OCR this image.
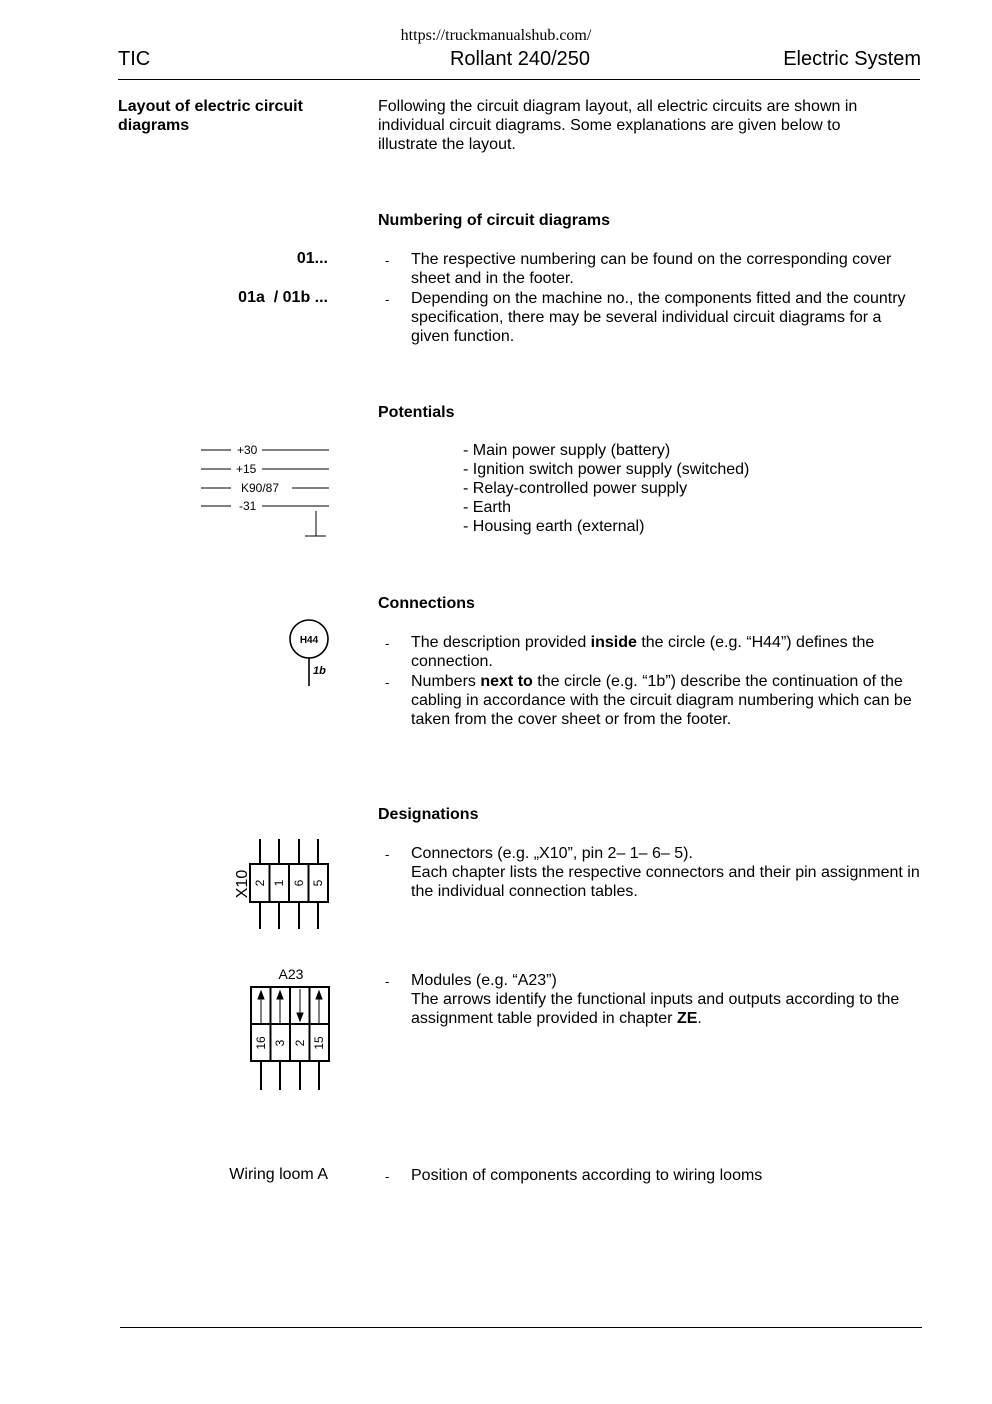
https://truckmanualshub.com/
TIC	Rollant 240/250	Electric System
Layout of electric circuit diagrams
Following the circuit diagram layout, all electric circuits are shown in individual circuit diagrams. Some explanations are given below to illustrate the layout.
Numbering of circuit diagrams
01...	- The respective numbering can be found on the corresponding cover sheet and in the footer.
01a  / 01b ...	- Depending on the machine no., the components fitted and the country specification, there may be several individual circuit diagrams for a given function.
Potentials
+30
+15
K90/87
-31
- Main power supply (battery)
- Ignition switch power supply (switched)
- Relay-controlled power supply
- Earth
- Housing earth (external)
Connections
H44
1b
- The description provided inside the circle (e.g. “H44”) defines the connection.
- Numbers next to the circle (e.g. “1b”) describe the continuation of the cabling in accordance with the circuit diagram numbering which can be taken from the cover sheet or from the footer.
Designations
X10 2 1 6 5
- Connectors (e.g. „X10”, pin 2– 1– 6– 5).
Each chapter lists the respective connectors and their pin assignment in the individual connection tables.
A23
16 3 2 15
- Modules (e.g. “A23”)
The arrows identify the functional inputs and outputs according to the assignment table provided in chapter ZE.
Wiring loom A	- Position of components according to wiring looms
